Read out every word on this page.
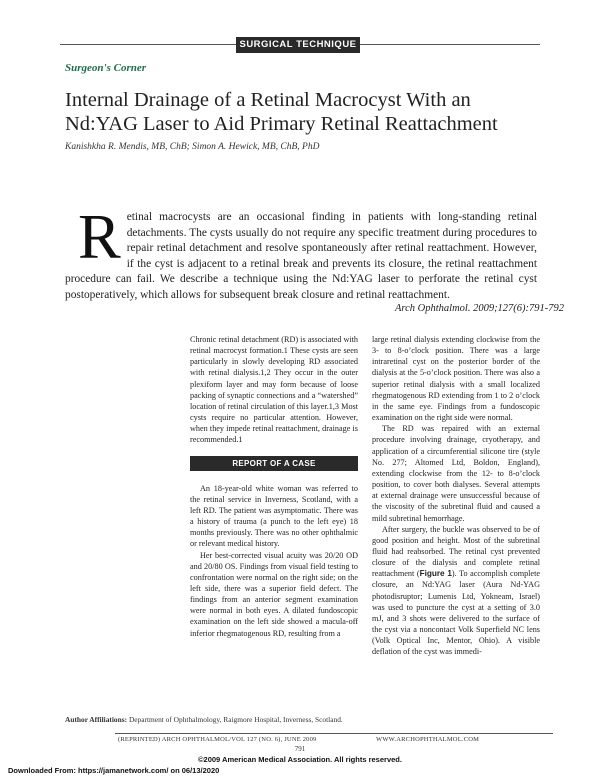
SURGICAL TECHNIQUE
Surgeon's Corner
Internal Drainage of a Retinal Macrocyst With an Nd:YAG Laser to Aid Primary Retinal Reattachment
Kanishkha R. Mendis, MB, ChB; Simon A. Hewick, MB, ChB, PhD
Retinal macrocysts are an occasional finding in patients with long-standing retinal detachments. The cysts usually do not require any specific treatment during procedures to repair retinal detachment and resolve spontaneously after retinal reattachment. However, if the cyst is adjacent to a retinal break and prevents its closure, the retinal reattachment procedure can fail. We describe a technique using the Nd:YAG laser to perforate the retinal cyst postoperatively, which allows for subsequent break closure and retinal reattachment.
Arch Ophthalmol. 2009;127(6):791-792

Chronic retinal detachment (RD) is associated with retinal macrocyst formation.1 These cysts are seen particularly in slowly developing RD associated with retinal dialysis.1,2 They occur in the outer plexiform layer and may form because of loose packing of synaptic connections and a “watershed” location of retinal circulation of this layer.1,3 Most cysts require no particular attention. However, when they impede retinal reattachment, drainage is recommended.1

REPORT OF A CASE

An 18-year-old white woman was referred to the retinal service in Inverness, Scotland, with a left RD. The patient was asymptomatic. There was a history of trauma (a punch to the left eye) 18 months previously. There was no other ophthalmic or relevant medical history.

Her best-corrected visual acuity was 20/20 OD and 20/80 OS. Findings from visual field testing to confrontation were normal on the right side; on the left side, there was a superior field defect. The findings from an anterior segment examination were normal in both eyes. A dilated fundoscopic examination on the left side showed a macula-off inferior rhegmatogenous RD, resulting from a

large retinal dialysis extending clockwise from the 3- to 8-o’clock position. There was a large intraretinal cyst on the posterior border of the dialysis at the 5-o’clock position. There was also a superior retinal dialysis with a small localized rhegmatogenous RD extending from 1 to 2 o’clock in the same eye. Findings from a fundoscopic examination on the right side were normal.

The RD was repaired with an external procedure involving drainage, cryotherapy, and application of a circumferential silicone tire (style No. 277; Altomed Ltd, Boldon, England), extending clockwise from the 12- to 8-o’clock position, to cover both dialyses. Several attempts at external drainage were unsuccessful because of the viscosity of the subretinal fluid and caused a mild subretinal hemorrhage.

After surgery, the buckle was observed to be of good position and height. Most of the subretinal fluid had reabsorbed. The retinal cyst prevented closure of the dialysis and complete retinal reattachment (Figure 1). To accomplish complete closure, an Nd:YAG laser (Aura Nd-YAG photodisruptor; Lumenis Ltd, Yokneam, Israel) was used to puncture the cyst at a setting of 3.0 mJ, and 3 shots were delivered to the surface of the cyst via a noncontact Volk Superfield NC lens (Volk Optical Inc, Mentor, Ohio). A visible deflation of the cyst was immedi-

Author Affiliations: Department of Ophthalmology, Raigmore Hospital, Inverness, Scotland.
(REPRINTED) ARCH OPHTHALMOL/VOL 127 (NO. 6), JUNE 2009	WWW.ARCHOPHTHALMOL.COM
791
©2009 American Medical Association. All rights reserved.
Downloaded From: https://jamanetwork.com/ on 06/13/2020
